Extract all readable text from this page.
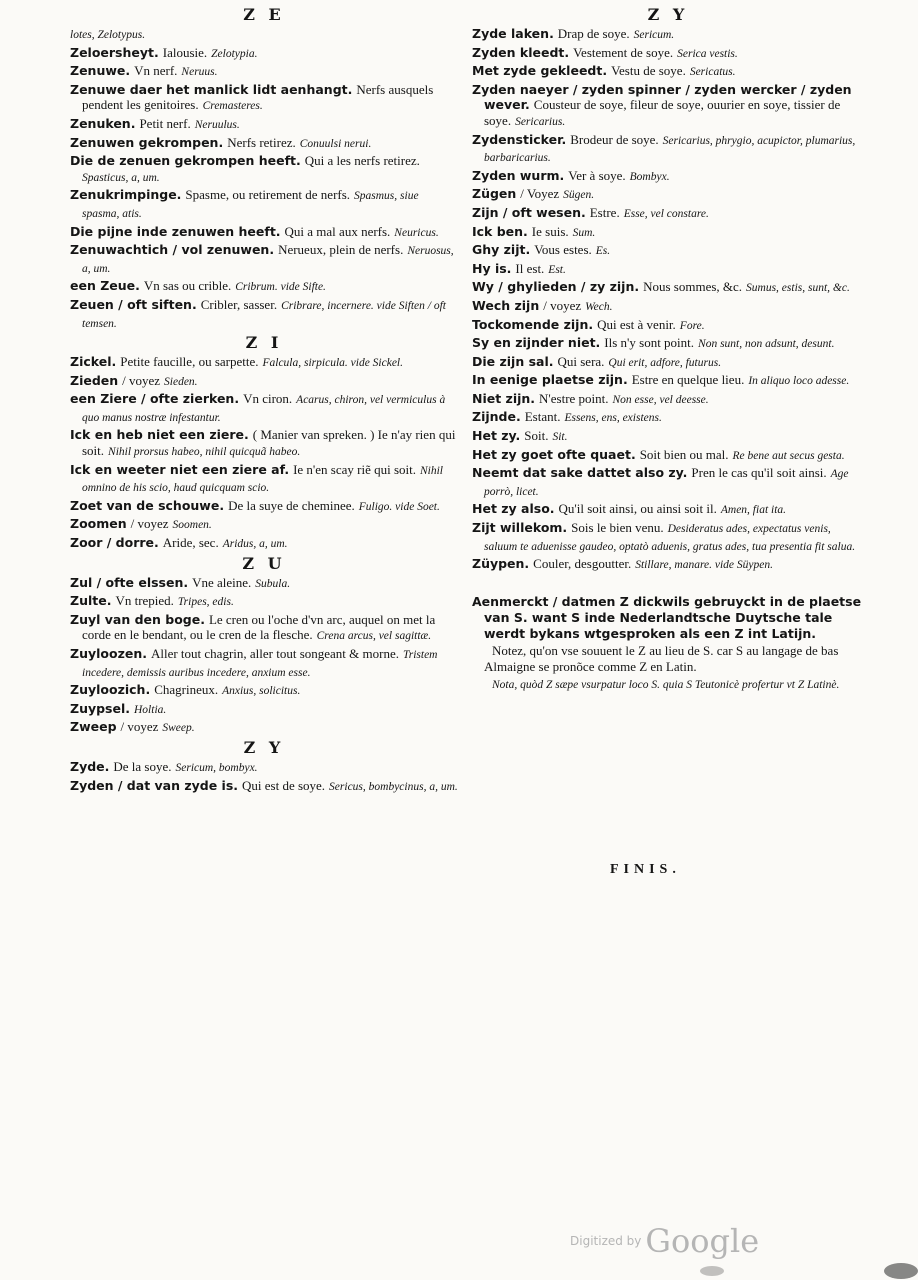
Z E
lotes, Zelotypus.
Zeloersheyt. Ialousie. Zelotypia.
Zenuwe. Vn nerf. Neruus.
Zenuwe daer het manlick lidt aenhangt. Nerfs ausquels pendent les genitoires. Cremasteres.
Zenuken. Petit nerf. Neruulus.
Zenuwen gekrompen. Nerfs retirez. Conuulsi nerui.
Die de zenuen gekrompen heeft. Qui a les nerfs retirez. Spasticus, a, um.
Zenukrimpinge. Spasme, ou retirement de nerfs. Spasmus, siue spasma, atis.
Die pijne inde zenuwen heeft. Qui a mal aux nerfs. Neuricus.
Zenuwachtich / vol zenuwen. Nerueux, plein de nerfs. Neruosus, a, um.
een Zeue. Vn sas ou crible. Cribrum. vide Sifte.
Zeuen / oft siften. Cribler, sasser. Cribrare, incernere. vide Siften / oft temsen.
Z I
Zickel. Petite faucille, ou sarpette. Falcula, sirpicula. vide Sickel.
Zieden / voyez Sieden.
een Ziere / ofte zierken. Vn ciron. Acarus, chiron, vel vermiculus à quo manus nostræ infestantur.
Ick en heb niet een ziere. ( Manier van spreken. ) Ie n'ay rien qui soit. Nihil prorsus habeo, nihil quicquã habeo.
Ick en weeter niet een ziere af. Ie n'en scay riẽ qui soit. Nihil omnino de his scio, haud quicquam scio.
Zoet van de schouwe. De la suye de cheminee. Fuligo. vide Soet.
Zoomen / voyez Soomen.
Zoor / dorre. Aride, sec. Aridus, a, um.
Z U
Zul / ofte elssen. Vne aleine. Subula.
Zulte. Vn trepied. Tripes, edis.
Zuyl van den boge. Le cren ou l'oche d'vn arc, auquel on met la corde en le bendant, ou le cren de la flesche. Crena arcus, vel sagittæ.
Zuyloozen. Aller tout chagrin, aller tout songeant & morne. Tristem incedere, demissis auribus incedere, anxium esse.
Zuyloozich. Chagrineux. Anxius, solicitus.
Zuypsel. Holtia.
Zweep / voyez Sweep.
Z Y
Zyde. De la soye. Sericum, bombyx.
Zyden / dat van zyde is. Qui est de soye. Sericus, bombycinus, a, um.
Z Y
Zyde laken. Drap de soye. Sericum.
Zyden kleedt. Vestement de soye. Serica vestis.
Met zyde gekleedt. Vestu de soye. Sericatus.
Zyden naeyer / zyden spinner / zyden wercker / zyden wever. Cousteur de soye, fileur de soye, ouurier en soye, tissier de soye. Sericarius.
Zydensticker. Brodeur de soye. Sericarius, phrygio, acupictor, plumarius, barbaricarius.
Zyden wurm. Ver à soye. Bombyx.
Zügen / Voyez Sügen.
Zijn / oft wesen. Estre. Esse, vel constare.
Ick ben. Ie suis. Sum.
Ghy zijt. Vous estes. Es.
Hy is. Il est. Est.
Wy / ghylieden / zy zijn. Nous sommes, &c. Sumus, estis, sunt, &c.
Wech zijn / voyez Wech.
Tockomende zijn. Qui est à venir. Fore.
Sy en zijnder niet. Ils n'y sont point. Non sunt, non adsunt, desunt.
Die zijn sal. Qui sera. Qui erit, adfore, futurus.
In eenige plaetse zijn. Estre en quelque lieu. In aliquo loco adesse.
Niet zijn. N'estre point. Non esse, vel deesse.
Zijnde. Estant. Essens, ens, existens.
Het zy. Soit. Sit.
Het zy goet ofte quaet. Soit bien ou mal. Re bene aut secus gesta.
Neemt dat sake dattet also zy. Pren le cas qu'il soit ainsi. Age porrò, licet.
Het zy also. Qu'il soit ainsi, ou ainsi soit il. Amen, fiat ita.
Zijt willekom. Sois le bien venu. Desideratus ades, expectatus venis, saluum te aduenisse gaudeo, optatò aduenis, gratus ades, tua presentia fit salua.
Züypen. Couler, desgoutter. Stillare, manare. vide Süypen.
Aenmerckt / datmen Z dickwils gebruyckt in de plaetse van S. want S inde Nederlandtsche Duytsche tale werdt bykans wtgesproken als een Z int Latijn.
Notez, qu'on vse souuent le Z au lieu de S. car S au langage de bas Almaigne se pronõce comme Z en Latin.
Nota, quòd Z sæpe vsurpatur loco S. quia S Teutonicè profertur vt Z Latinè.
FINIS.
Digitized by Google
